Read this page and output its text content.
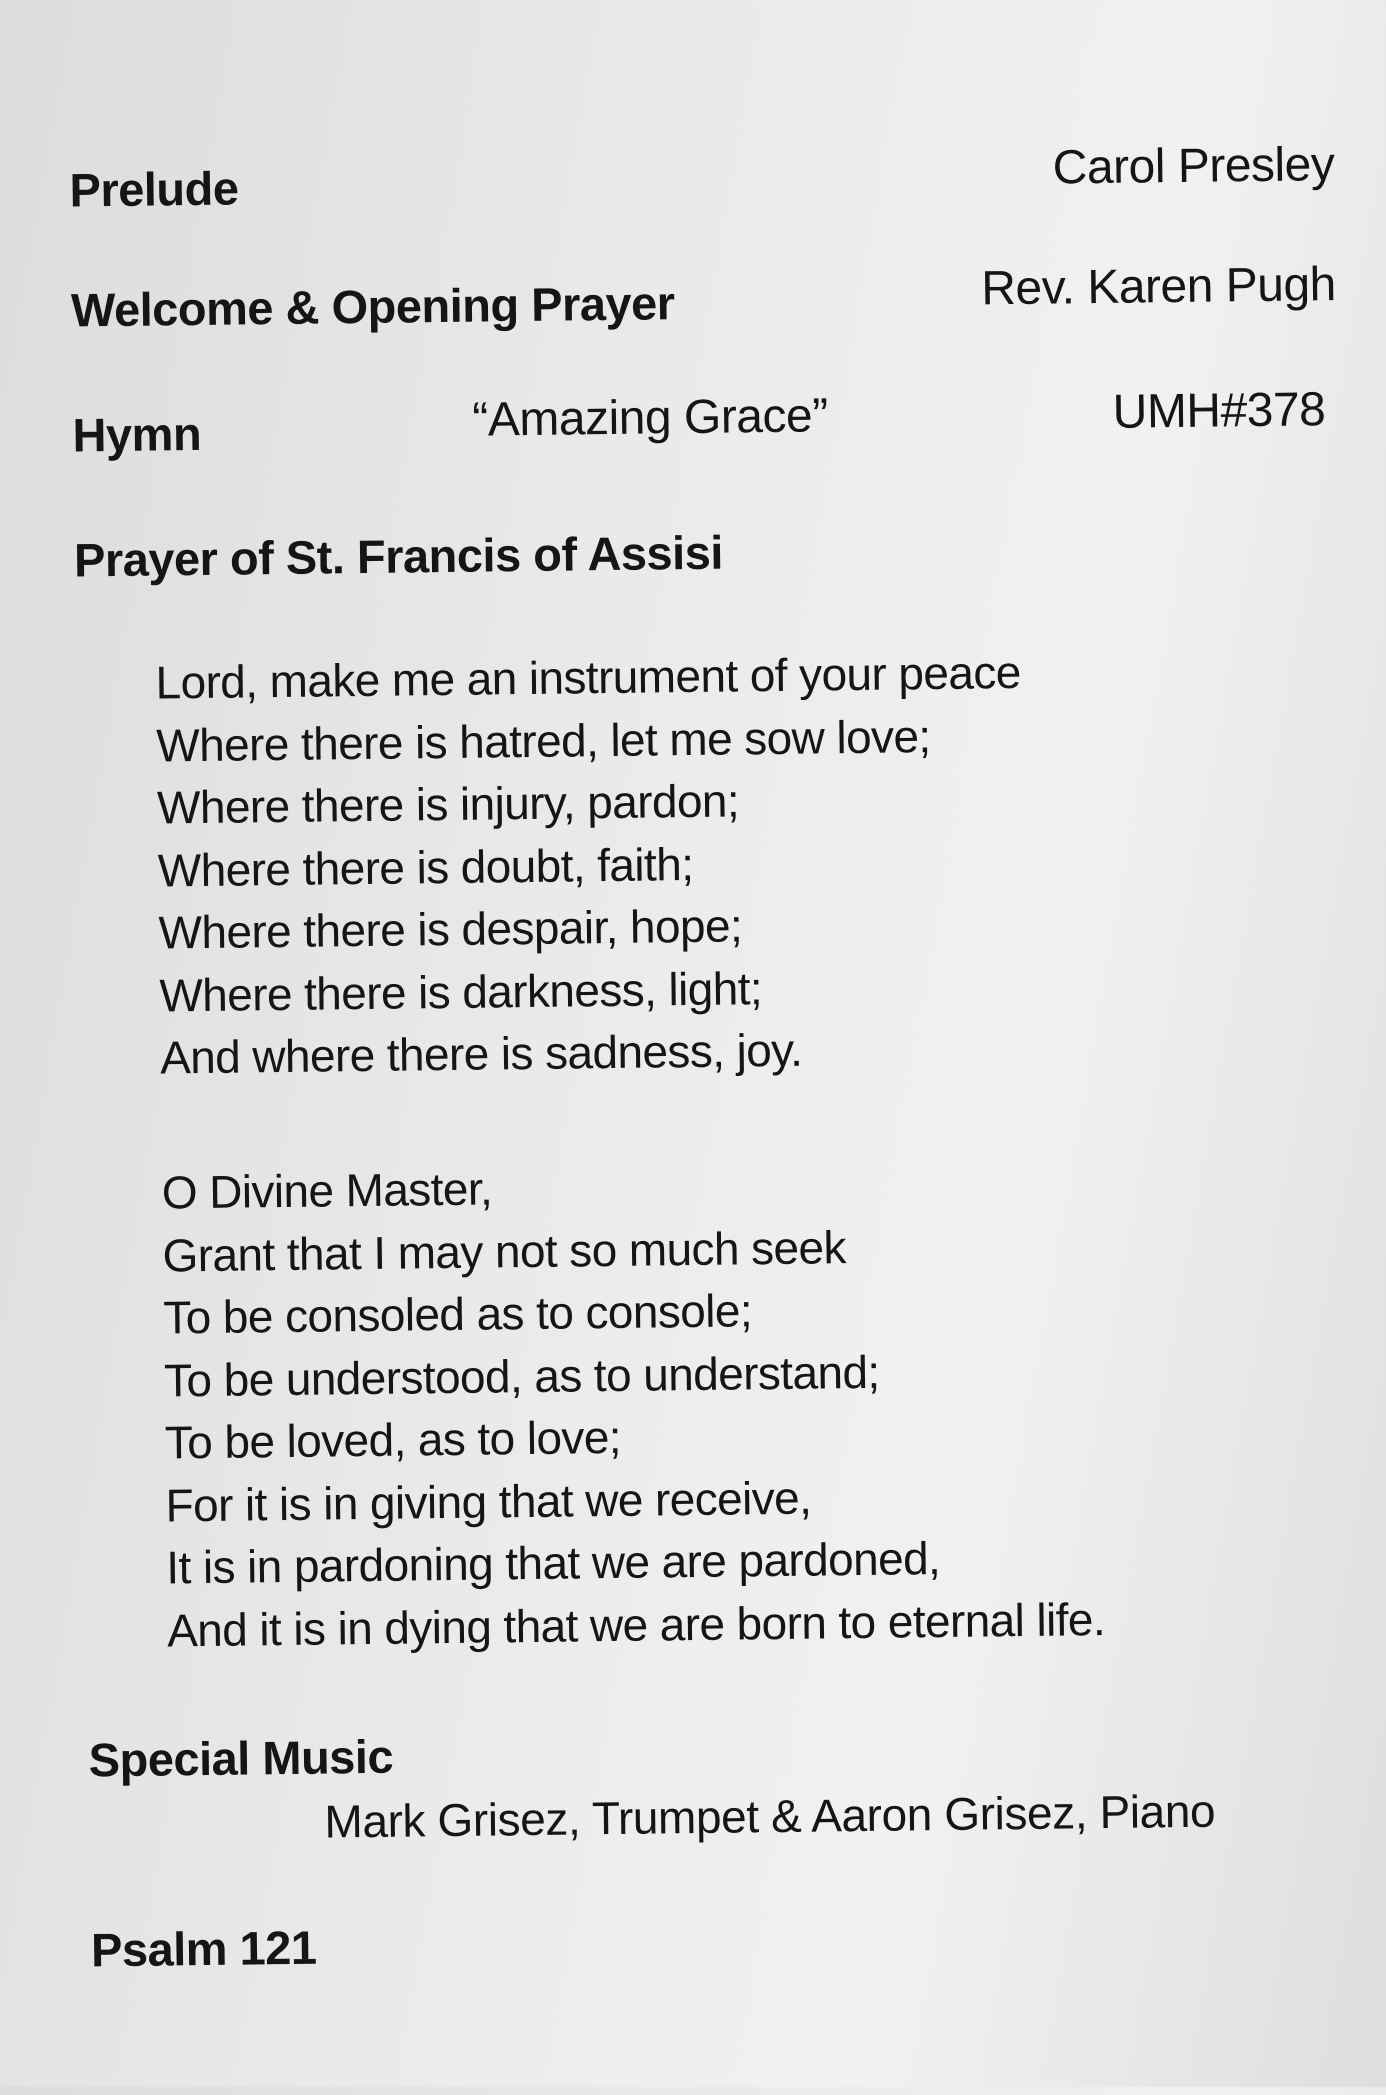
Prelude	Carol Presley
Welcome & Opening Prayer	Rev. Karen Pugh
Hymn	“Amazing Grace”	UMH#378
Prayer of St. Francis of Assisi
Lord, make me an instrument of your peace
Where there is hatred, let me sow love;
Where there is injury, pardon;
Where there is doubt, faith;
Where there is despair, hope;
Where there is darkness, light;
And where there is sadness, joy.
O Divine Master,
Grant that I may not so much seek
To be consoled as to console;
To be understood, as to understand;
To be loved, as to love;
For it is in giving that we receive,
It is in pardoning that we are pardoned,
And it is in dying that we are born to eternal life.
Special Music
Mark Grisez, Trumpet & Aaron Grisez, Piano
Psalm 121
